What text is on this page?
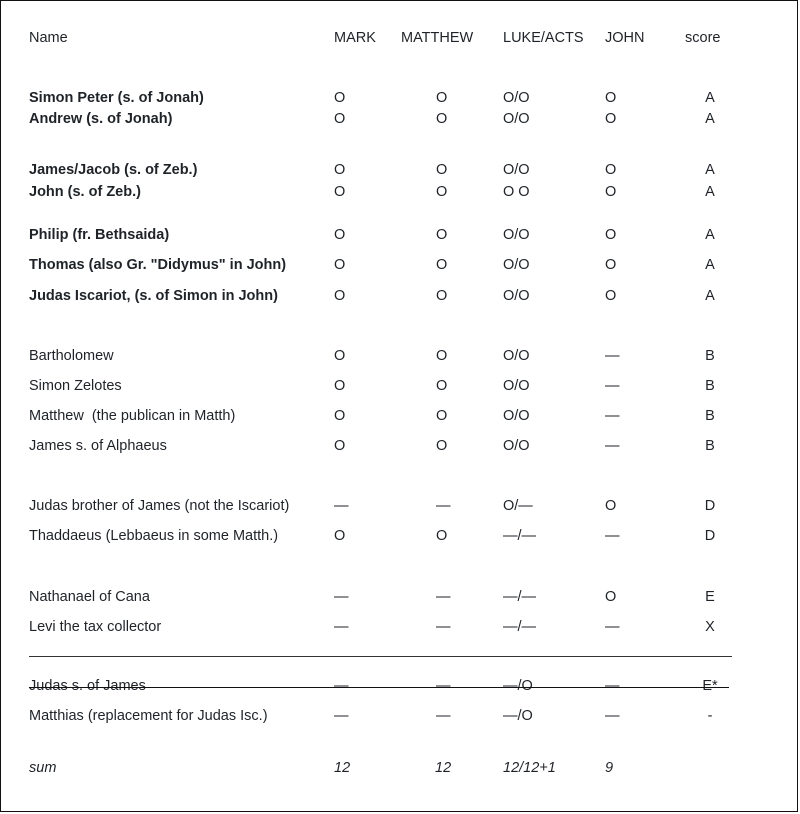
Name	MARK MATTHEW LUKE/ACTS JOHN	score
Simon Peter (s. of Jonah)	O	O	O/O	O	A
Andrew (s. of Jonah)	O	O	O/O	O	A
James/Jacob (s. of Zeb.)	O	O	O/O	O	A
John (s. of Zeb.)	O	O	O O	O	A
Philip (fr. Bethsaida)	O	O	O/O	O	A
Thomas (also Gr. "Didymus" in John)	O	O	O/O	O	A
Judas Iscariot, (s. of Simon in John)	O	O	O/O	O	A
Bartholomew	O	O	O/O	—	B
Simon Zelotes	O	O	O/O	—	B
Matthew  (the publican in Matth)	O	O	O/O	—	B
James s. of Alphaeus	O	O	O/O	—	B
Judas brother of James (not the Iscariot)	—	—	O/—	O	D
Thaddaeus (Lebbaeus in some Matth.)	O	O	—/—	—	D
Nathanael of Cana	—	—	—/—	O	E
Levi the tax collector	—	—	—/—	—	X
Judas s. of James	—	—	—/O	—	E*
Matthias (replacement for Judas Isc.)	—	—	—/O	—	-
sum	12	12	12/12+1	9
